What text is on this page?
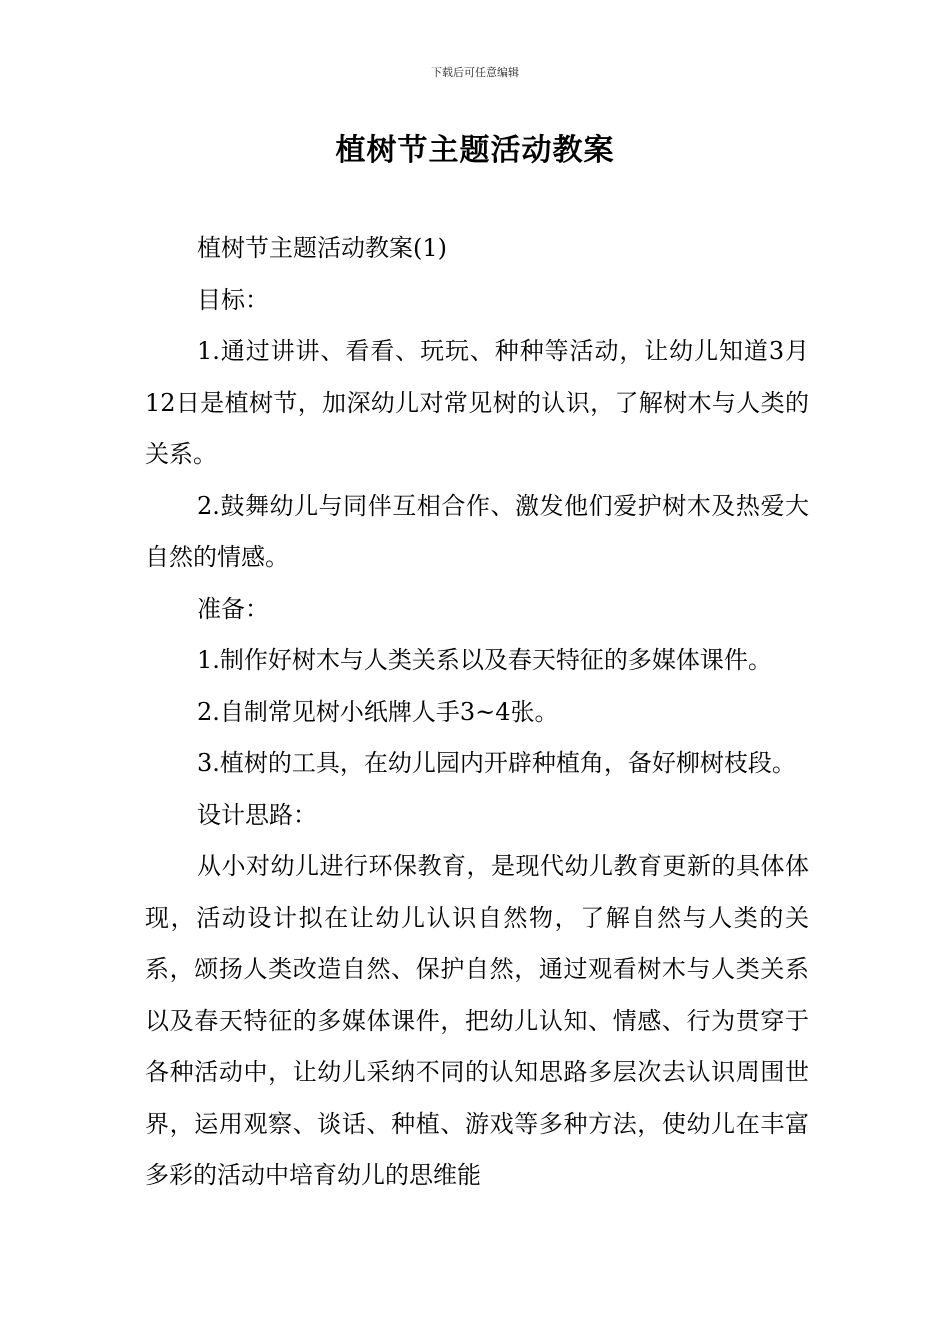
下载后可任意编辑
植树节主题活动教案

植树节主题活动教案(1)

目标：

1.通过讲讲、看看、玩玩、种种等活动，让幼儿知道3月12日是植树节，加深幼儿对常见树的认识，了解树木与人类的关系。

2.鼓舞幼儿与同伴互相合作、激发他们爱护树木及热爱大自然的情感。

准备：

1.制作好树木与人类关系以及春天特征的多媒体课件。

2.自制常见树小纸牌人手3~4张。

3.植树的工具，在幼儿园内开辟种植角，备好柳树枝段。

设计思路：

从小对幼儿进行环保教育，是现代幼儿教育更新的具体体现，活动设计拟在让幼儿认识自然物，了解自然与人类的关系，颂扬人类改造自然、保护自然，通过观看树木与人类关系以及春天特征的多媒体课件，把幼儿认知、情感、行为贯穿于各种活动中，让幼儿采纳不同的认知思路多层次去认识周围世界，运用观察、谈话、种植、游戏等多种方法，使幼儿在丰富多彩的活动中培育幼儿的思维能
